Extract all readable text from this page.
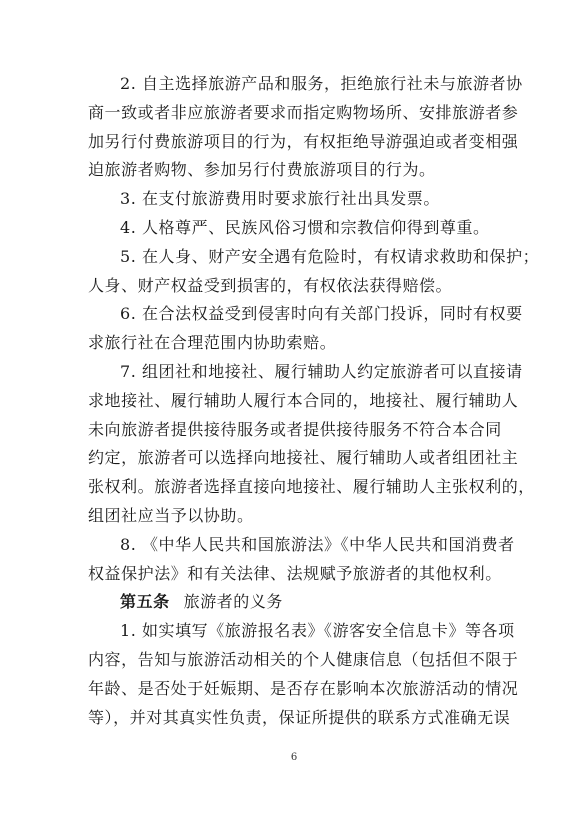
2. 自主选择旅游产品和服务，拒绝旅行社未与旅游者协
商一致或者非应旅游者要求而指定购物场所、安排旅游者参
加另行付费旅游项目的行为，有权拒绝导游强迫或者变相强
迫旅游者购物、参加另行付费旅游项目的行为。

3. 在支付旅游费用时要求旅行社出具发票。

4. 人格尊严、民族风俗习惯和宗教信仰得到尊重。

5. 在人身、财产安全遇有危险时，有权请求救助和保护；
人身、财产权益受到损害的，有权依法获得赔偿。

6. 在合法权益受到侵害时向有关部门投诉，同时有权要
求旅行社在合理范围内协助索赔。

7. 组团社和地接社、履行辅助人约定旅游者可以直接请
求地接社、履行辅助人履行本合同的，地接社、履行辅助人
未向旅游者提供接待服务或者提供接待服务不符合本合同
约定，旅游者可以选择向地接社、履行辅助人或者组团社主
张权利。旅游者选择直接向地接社、履行辅助人主张权利的，
组团社应当予以协助。

8. 《中华人民共和国旅游法》《中华人民共和国消费者
权益保护法》和有关法律、法规赋予旅游者的其他权利。

第五条 旅游者的义务

1. 如实填写《旅游报名表》《游客安全信息卡》等各项
内容，告知与旅游活动相关的个人健康信息（包括但不限于
年龄、是否处于妊娠期、是否存在影响本次旅游活动的情况
等），并对其真实性负责，保证所提供的联系方式准确无误

6
